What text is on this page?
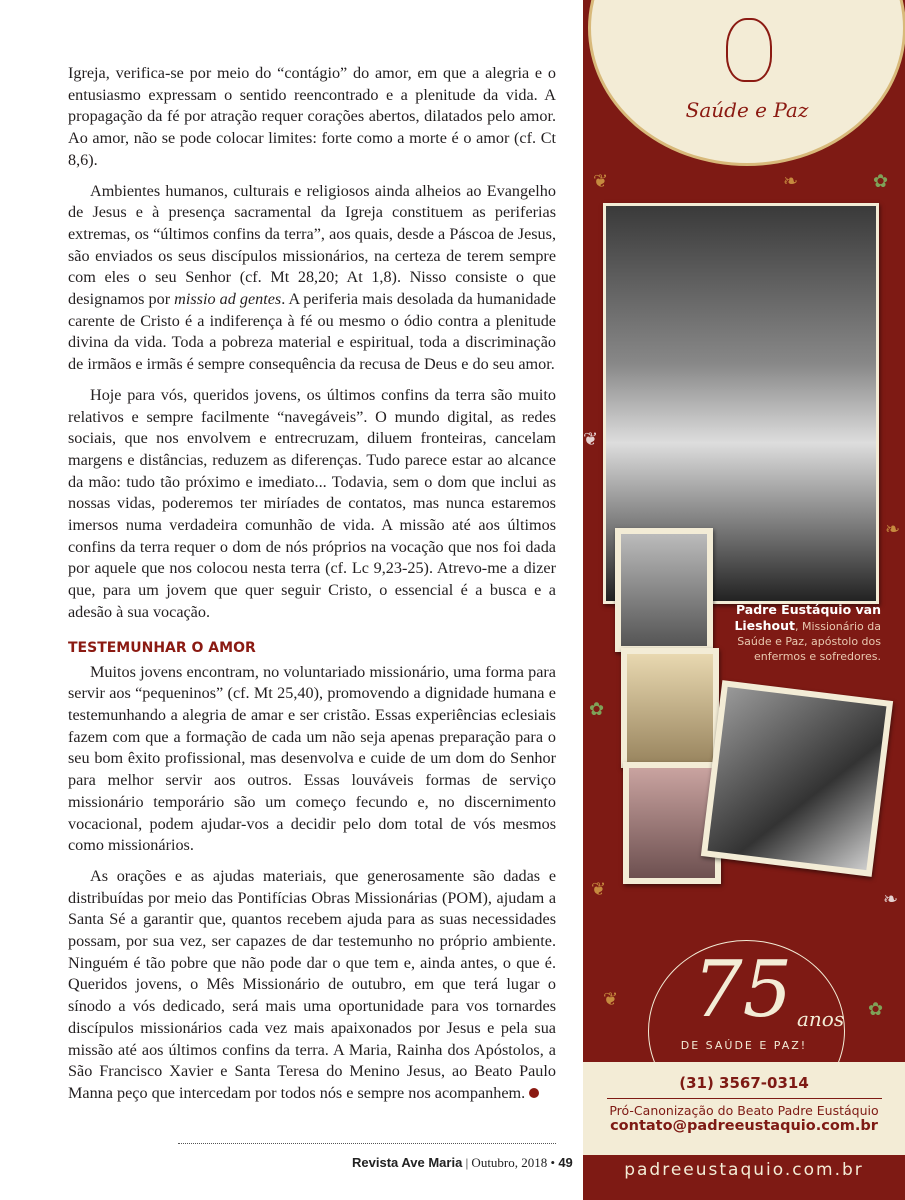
Igreja, verifica-se por meio do “contágio” do amor, em que a alegria e o entusiasmo expressam o sentido reencontrado e a plenitude da vida. A propagação da fé por atração requer corações abertos, dilatados pelo amor. Ao amor, não se pode colocar limites: forte como a morte é o amor (cf. Ct 8,6).

Ambientes humanos, culturais e religiosos ainda alheios ao Evangelho de Jesus e à presença sacramental da Igreja constituem as periferias extremas, os “últimos confins da terra”, aos quais, desde a Páscoa de Jesus, são enviados os seus discípulos missionários, na certeza de terem sempre com eles o seu Senhor (cf. Mt 28,20; At 1,8). Nisso consiste o que designamos por missio ad gentes. A periferia mais desolada da humanidade carente de Cristo é a indiferença à fé ou mesmo o ódio contra a plenitude divina da vida. Toda a pobreza material e espiritual, toda a discriminação de irmãos e irmãs é sempre consequência da recusa de Deus e do seu amor.

Hoje para vós, queridos jovens, os últimos confins da terra são muito relativos e sempre facilmente “navegáveis”. O mundo digital, as redes sociais, que nos envolvem e entrecruzam, diluem fronteiras, cancelam margens e distâncias, reduzem as diferenças. Tudo parece estar ao alcance da mão: tudo tão próximo e imediato... Todavia, sem o dom que inclui as nossas vidas, poderemos ter miríades de contatos, mas nunca estaremos imersos numa verdadeira comunhão de vida. A missão até aos últimos confins da terra requer o dom de nós próprios na vocação que nos foi dada por aquele que nos colocou nesta terra (cf. Lc 9,23-25). Atrevo-me a dizer que, para um jovem que quer seguir Cristo, o essencial é a busca e a adesão à sua vocação.

TESTEMUNHAR O AMOR

Muitos jovens encontram, no voluntariado missionário, uma forma para servir aos “pequeninos” (cf. Mt 25,40), promovendo a dignidade humana e testemunhando a alegria de amar e ser cristão. Essas experiências eclesiais fazem com que a formação de cada um não seja apenas preparação para o seu bom êxito profissional, mas desenvolva e cuide de um dom do Senhor para melhor servir aos outros. Essas louváveis formas de serviço missionário temporário são um começo fecundo e, no discernimento vocacional, podem ajudar-vos a decidir pelo dom total de vós mesmos como missionários.

As orações e as ajudas materiais, que generosamente são dadas e distribuídas por meio das Pontifícias Obras Missionárias (POM), ajudam a Santa Sé a garantir que, quantos recebem ajuda para as suas necessidades possam, por sua vez, ser capazes de dar testemunho no próprio ambiente. Ninguém é tão pobre que não pode dar o que tem e, ainda antes, o que é. Queridos jovens, o Mês Missionário de outubro, em que terá lugar o sínodo a vós dedicado, será mais uma oportunidade para vos tornardes discípulos missionários cada vez mais apaixonados por Jesus e pela sua missão até aos últimos confins da terra. A Maria, Rainha dos Apóstolos, a São Francisco Xavier e Santa Teresa do Menino Jesus, ao Beato Paulo Manna peço que intercedam por todos nós e sempre nos acompanhem.

Revista Ave Maria | Outubro, 2018 • 49
❦	✿
❧
❦
❧
✿
❦	❧
❦	✿
Saúde e Paz
Padre Eustáquio van Lieshout, Missionário da Saúde e Paz, apóstolo dos enfermos e sofredores.
75 anos
DE SAÚDE E PAZ!
(31) 3567-0314
Pró-Canonização do Beato Padre Eustáquio
contato@padreeustaquio.com.br
padreeustaquio.com.br
